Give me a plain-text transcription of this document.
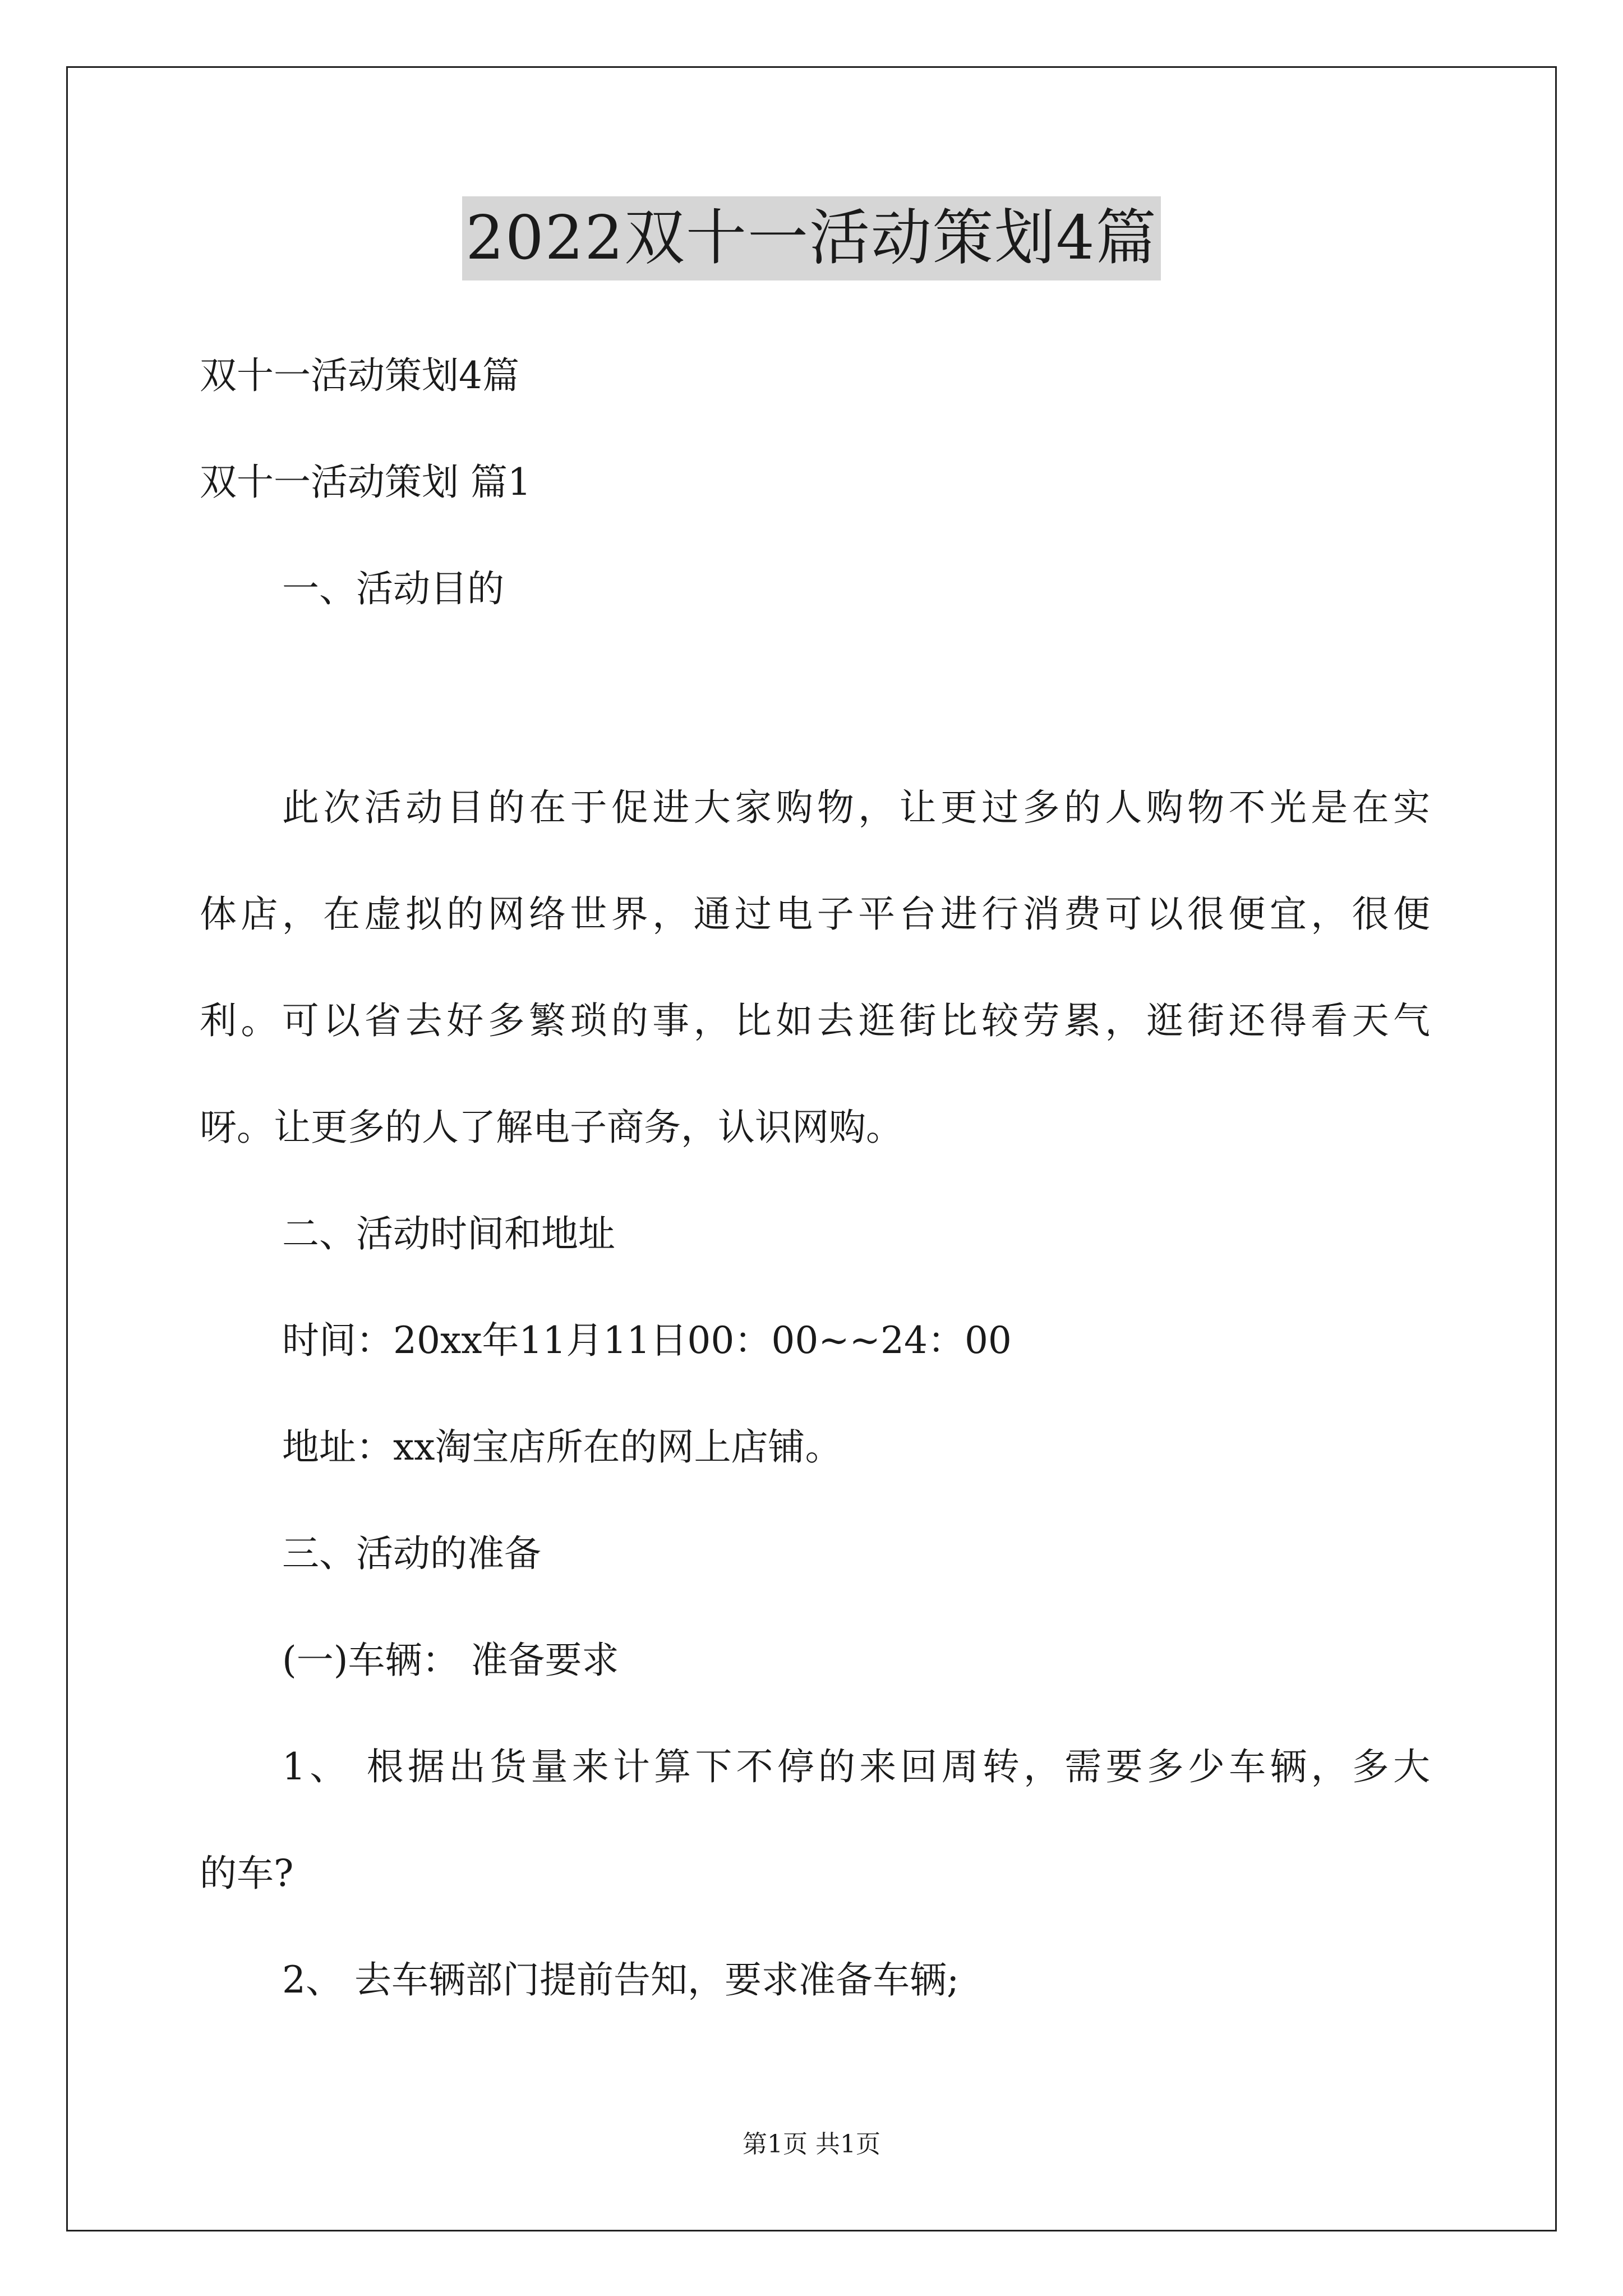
2022双十一活动策划4篇
双十一活动策划4篇
双十一活动策划 篇1
一、活动目的
此次活动目的在于促进大家购物，让更过多的人购物不光是在实
体店，在虚拟的网络世界，通过电子平台进行消费可以很便宜，很便
利。可以省去好多繁琐的事，比如去逛街比较劳累，逛街还得看天气
呀。让更多的人了解电子商务，认识网购。
二、活动时间和地址
时间：20xx年11月11日00：00~~24：00
地址：xx淘宝店所在的网上店铺。
三、活动的准备
(一)车辆： 准备要求
1、 根据出货量来计算下不停的来回周转，需要多少车辆，多大
的车?
2、 去车辆部门提前告知，要求准备车辆;
第1页 共1页
